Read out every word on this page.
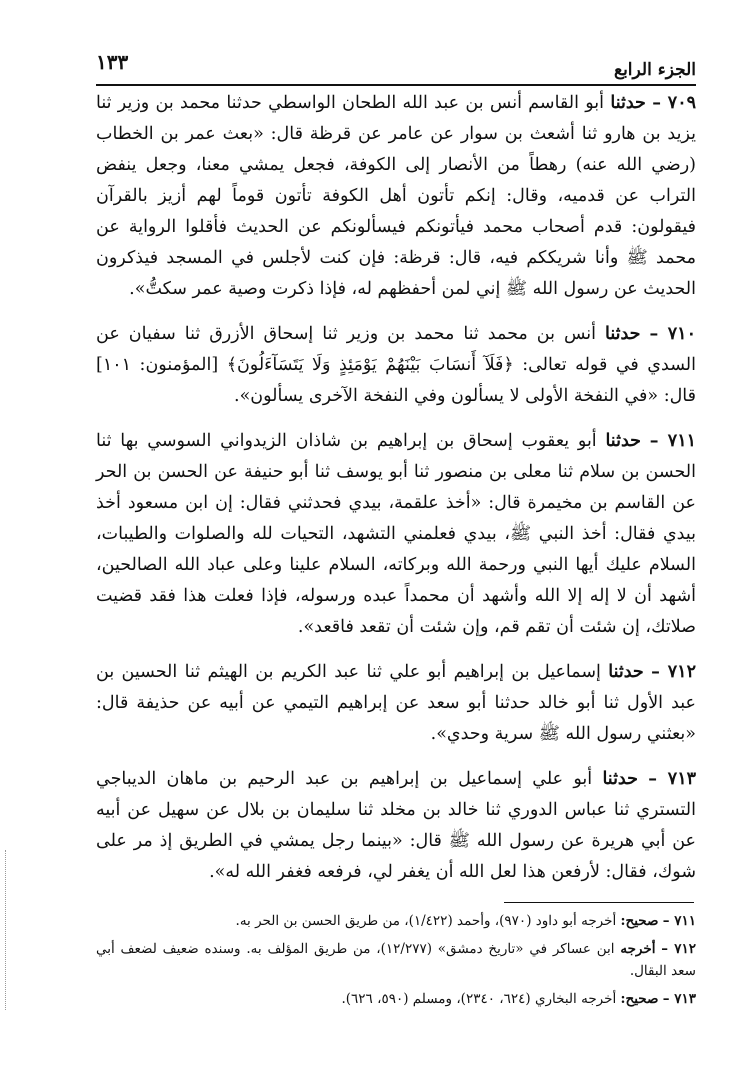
الجزء الرابع
١٣٣

٧٠٩ – حدثنا أبو القاسم أنس بن عبد الله الطحان الواسطي حدثنا محمد بن وزير ثنا يزيد بن هارو ثنا أشعث بن سوار عن عامر عن قرظة قال: «بعث عمر بن الخطاب (رضي الله عنه) رهطاً من الأنصار إلى الكوفة، فجعل يمشي معنا، وجعل ينفض التراب عن قدميه، وقال: إنكم تأتون أهل الكوفة تأتون قوماً لهم أزيز بالقرآن فيقولون: قدم أصحاب محمد فيأتونكم فيسألونكم عن الحديث فأقلوا الرواية عن محمد ﷺ وأنا شريككم فيه، قال: قرظة: فإن كنت لأجلس في المسجد فيذكرون الحديث عن رسول الله ﷺ إني لمن أحفظهم له، فإذا ذكرت وصية عمر سكتُّ».

٧١٠ – حدثنا أنس بن محمد ثنا محمد بن وزير ثنا إسحاق الأزرق ثنا سفيان عن السدي في قوله تعالى: ﴿فَلَآ أَنسَابَ بَيْنَهُمْ يَوْمَئِذٍ وَلَا يَتَسَآءَلُونَ﴾ [المؤمنون: ١٠١] قال: «في النفخة الأولى لا يسألون وفي النفخة الآخرى يسألون».

٧١١ – حدثنا أبو يعقوب إسحاق بن إبراهيم بن شاذان الزيدواني السوسي بها ثنا الحسن بن سلام ثنا معلى بن منصور ثنا أبو يوسف ثنا أبو حنيفة عن الحسن بن الحر عن القاسم بن مخيمرة قال: «أخذ علقمة، بيدي فحدثني فقال: إن ابن مسعود أخذ بيدي فقال: أخذ النبي ﷺ، بيدي فعلمني التشهد، التحيات لله والصلوات والطيبات، السلام عليك أيها النبي ورحمة الله وبركاته، السلام علينا وعلى عباد الله الصالحين، أشهد أن لا إله إلا الله وأشهد أن محمداً عبده ورسوله، فإذا فعلت هذا فقد قضيت صلاتك، إن شئت أن تقم قم، وإن شئت أن تقعد فاقعد».

٧١٢ – حدثنا إسماعيل بن إبراهيم أبو علي ثنا عبد الكريم بن الهيثم ثنا الحسين بن عبد الأول ثنا أبو خالد حدثنا أبو سعد عن إبراهيم التيمي عن أبيه عن حذيفة قال: «بعثني رسول الله ﷺ سرية وحدي».

٧١٣ – حدثنا أبو علي إسماعيل بن إبراهيم بن عبد الرحيم بن ماهان الديباجي التستري ثنا عباس الدوري ثنا خالد بن مخلد ثنا سليمان بن بلال عن سهيل عن أبيه عن أبي هريرة عن رسول الله ﷺ قال: «بينما رجل يمشي في الطريق إذ مر على شوك، فقال: لأرفعن هذا لعل الله أن يغفر لي، فرفعه فغفر الله له».

٧١١ – صحيح: أخرجه أبو داود (٩٧٠)، وأحمد (١/٤٢٢)، من طريق الحسن بن الحر به.

٧١٢ – أخرجه ابن عساكر في «تاريخ دمشق» (١٢/٢٧٧)، من طريق المؤلف به. وسنده ضعيف لضعف أبي سعد البقال.

٧١٣ – صحيح: أخرجه البخاري (٦٢٤، ٢٣٤٠)، ومسلم (٥٩٠، ٦٢٦).
